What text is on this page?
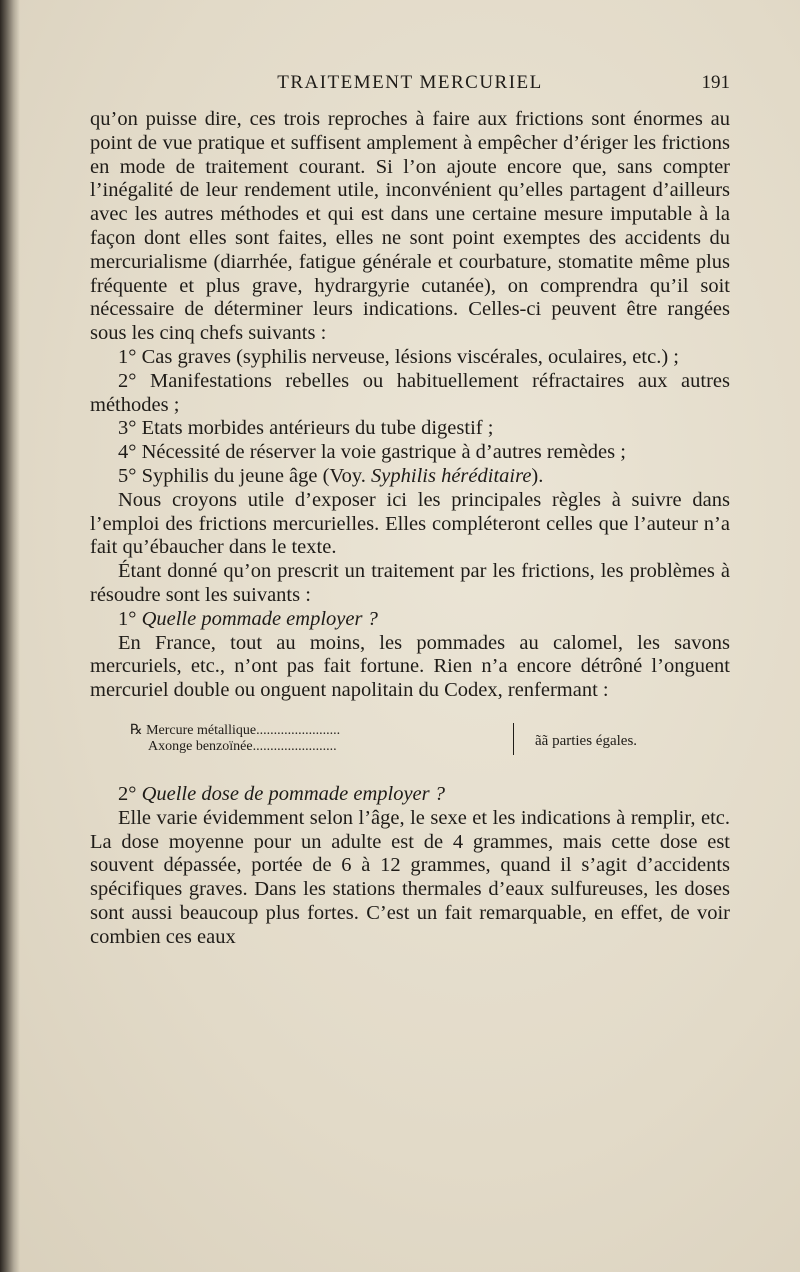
TRAITEMENT MERCURIEL	191

qu’on puisse dire, ces trois reproches à faire aux frictions sont énormes au point de vue pratique et suffisent amplement à empêcher d’ériger les frictions en mode de traitement courant. Si l’on ajoute encore que, sans compter l’inégalité de leur rendement utile, inconvénient qu’elles partagent d’ailleurs avec les autres méthodes et qui est dans une certaine mesure imputable à la façon dont elles sont faites, elles ne sont point exemptes des accidents du mercurialisme (diarrhée, fatigue générale et courbature, stomatite même plus fréquente et plus grave, hydrargyrie cutanée), on comprendra qu’il soit nécessaire de déterminer leurs indications. Celles-ci peuvent être rangées sous les cinq chefs suivants :

1° Cas graves (syphilis nerveuse, lésions viscérales, oculaires, etc.) ;

2° Manifestations rebelles ou habituellement réfractaires aux autres méthodes ;

3° Etats morbides antérieurs du tube digestif ;

4° Nécessité de réserver la voie gastrique à d’autres remèdes ;

5° Syphilis du jeune âge (Voy. Syphilis héréditaire).

Nous croyons utile d’exposer ici les principales règles à suivre dans l’emploi des frictions mercurielles. Elles compléteront celles que l’auteur n’a fait qu’ébaucher dans le texte.

Étant donné qu’on prescrit un traitement par les frictions, les problèmes à résoudre sont les suivants :

1° Quelle pommade employer ?

En France, tout au moins, les pommades au calomel, les savons mercuriels, etc., n’ont pas fait fortune. Rien n’a encore détrôné l’onguent mercuriel double ou onguent napolitain du Codex, renfermant :

℞
Mercure métallique ........................
Axonge benzoïnée ........................	ãã parties égales.

2° Quelle dose de pommade employer ?

Elle varie évidemment selon l’âge, le sexe et les indications à remplir, etc. La dose moyenne pour un adulte est de 4 grammes, mais cette dose est souvent dépassée, portée de 6 à 12 grammes, quand il s’agit d’accidents spécifiques graves. Dans les stations thermales d’eaux sulfureuses, les doses sont aussi beaucoup plus fortes. C’est un fait remarquable, en effet, de voir combien ces eaux
